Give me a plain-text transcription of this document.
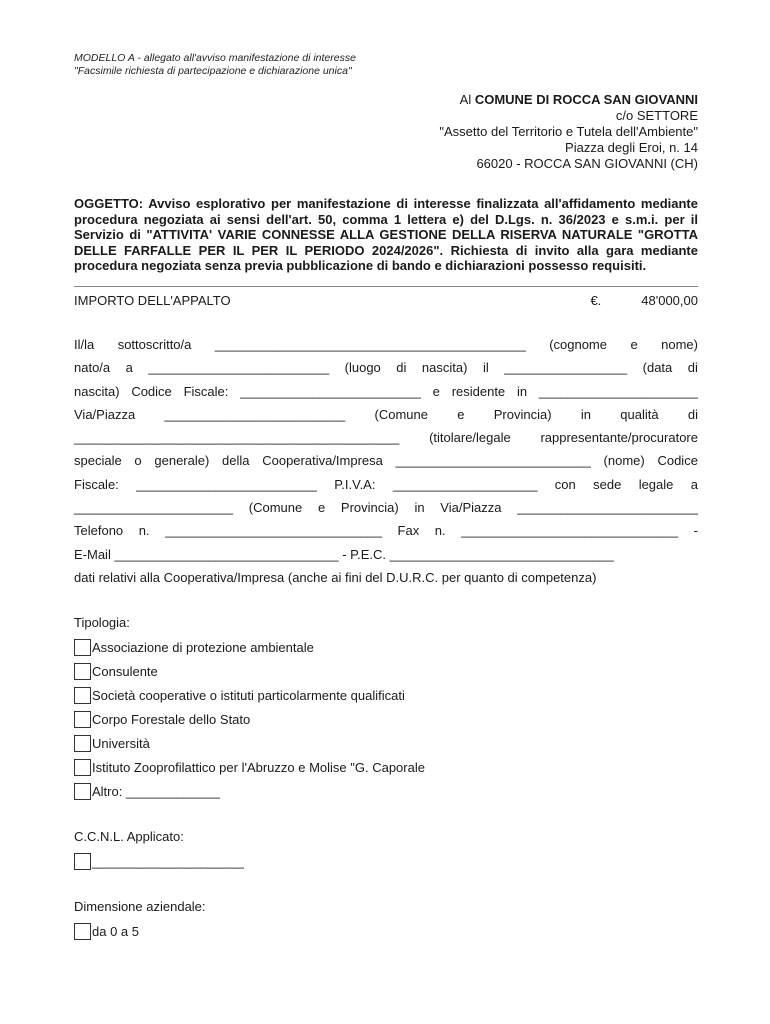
MODELLO A - allegato all'avviso manifestazione di interesse
"Facsimile richiesta di partecipazione e dichiarazione unica"
Al COMUNE DI ROCCA SAN GIOVANNI
c/o SETTORE
"Assetto del Territorio e Tutela dell'Ambiente"
Piazza degli Eroi, n. 14
66020 - ROCCA SAN GIOVANNI (CH)
OGGETTO: Avviso esplorativo per manifestazione di interesse finalizzata all'affidamento mediante procedura negoziata ai sensi dell'art. 50, comma 1 lettera e) del D.Lgs. n. 36/2023 e s.m.i. per il Servizio di "ATTIVITA' VARIE CONNESSE ALLA GESTIONE DELLA RISERVA NATURALE "GROTTA DELLE FARFALLE PER IL PER IL PERIODO 2024/2026". Richiesta di invito alla gara mediante procedura negoziata senza previa pubblicazione di bando e dichiarazioni possesso requisiti.
IMPORTO DELL'APPALTO	€.	48'000,00
Il/la sottoscritto/a ___________________________________________ (cognome e nome)
nato/a a _________________________ (luogo di nascita) il _________________ (data di
nascita) Codice Fiscale: _________________________ e residente in ______________________
Via/Piazza _________________________ (Comune e Provincia) in qualità di
_____________________________________________ (titolare/legale rappresentante/procuratore
speciale o generale) della Cooperativa/Impresa ___________________________ (nome) Codice
Fiscale: _________________________ P.I.V.A: ____________________ con sede legale a
______________________ (Comune e Provincia) in Via/Piazza _________________________
Telefono n. ______________________________ Fax n. ______________________________ -
E-Mail _______________________________ - P.E.C. _______________________________
dati relativi alla Cooperativa/Impresa (anche ai fini del D.U.R.C. per quanto di competenza)
Tipologia:
Associazione di protezione ambientale
Consulente
Società cooperative o istituti particolarmente qualificati
Corpo Forestale dello Stato
Università
Istituto Zooprofilattico per l'Abruzzo e Molise "G. Caporale
Altro: _____________
C.C.N.L. Applicato:
_____________________
Dimensione aziendale:
da 0 a 5
